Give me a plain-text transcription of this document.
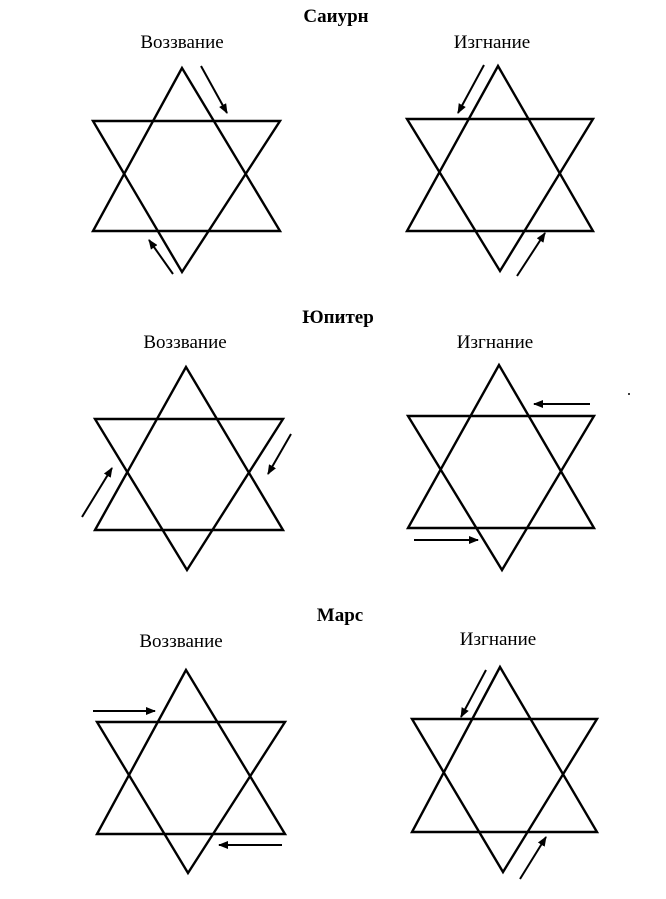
Саиурн
Воззвание	Изгнание
Юпитер
Воззвание	Изгнание
Марс
Воззвание	Изгнание
